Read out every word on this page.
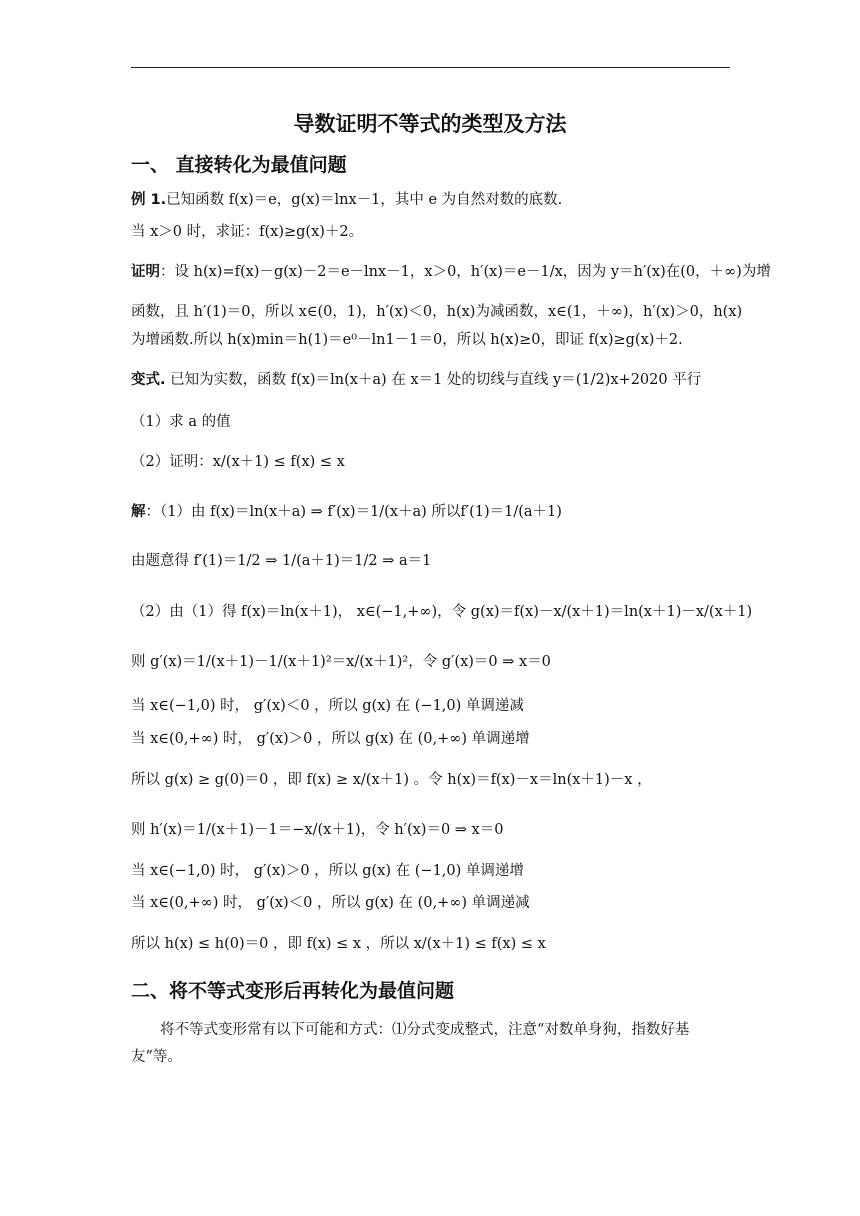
导数证明不等式的类型及方法
一、 直接转化为最值问题
例 1.已知函数 f(x)＝e，g(x)＝lnx－1，其中 e 为自然对数的底数.
当 x＞0 时，求证：f(x)≥g(x)＋2。
证明：设 h(x)=f(x)－g(x)－2＝e－lnx－1，x＞0，h′(x)＝e－1/x，因为 y＝h′(x)在(0，＋∞)为增
函数，且 h′(1)＝0，所以 x∈(0，1)，h′(x)＜0，h(x)为减函数，x∈(1，＋∞)，h′(x)＞0，h(x)
为增函数.所以 h(x)min＝h(1)＝e⁰－ln1－1＝0，所以 h(x)≥0，即证 f(x)≥g(x)＋2.
变式. 已知为实数，函数 f(x)＝ln(x＋a) 在 x＝1 处的切线与直线 y＝(1/2)x+2020 平行
（1）求 a 的值
（2）证明：x/(x＋1) ≤ f(x) ≤ x
解：（1）由 f(x)＝ln(x＋a) ⇒ f′(x)＝1/(x＋a) 所以f′(1)＝1/(a＋1)
由题意得 f′(1)＝1/2 ⇒ 1/(a＋1)＝1/2 ⇒ a＝1
（2）由（1）得 f(x)＝ln(x＋1)， x∈(−1,+∞)，令 g(x)＝f(x)－x/(x＋1)＝ln(x＋1)－x/(x＋1)
则 g′(x)＝1/(x＋1)－1/(x＋1)²＝x/(x＋1)²，令 g′(x)＝0 ⇒ x＝0
当 x∈(−1,0) 时， g′(x)＜0 ，所以 g(x) 在 (−1,0) 单调递减
当 x∈(0,+∞) 时， g′(x)＞0 ，所以 g(x) 在 (0,+∞) 单调递增
所以 g(x) ≥ g(0)＝0 ，即 f(x) ≥ x/(x＋1) 。令 h(x)＝f(x)－x＝ln(x＋1)－x ，
则 h′(x)＝1/(x＋1)－1＝−x/(x＋1)，令 h′(x)＝0 ⇒ x＝0
当 x∈(−1,0) 时， g′(x)＞0 ，所以 g(x) 在 (−1,0) 单调递增
当 x∈(0,+∞) 时， g′(x)＜0 ，所以 g(x) 在 (0,+∞) 单调递减
所以 h(x) ≤ h(0)＝0 ，即 f(x) ≤ x ，所以 x/(x＋1) ≤ f(x) ≤ x
二、将不等式变形后再转化为最值问题
将不等式变形常有以下可能和方式：⑴分式变成整式，注意“对数单身狗，指数好基友”等。
